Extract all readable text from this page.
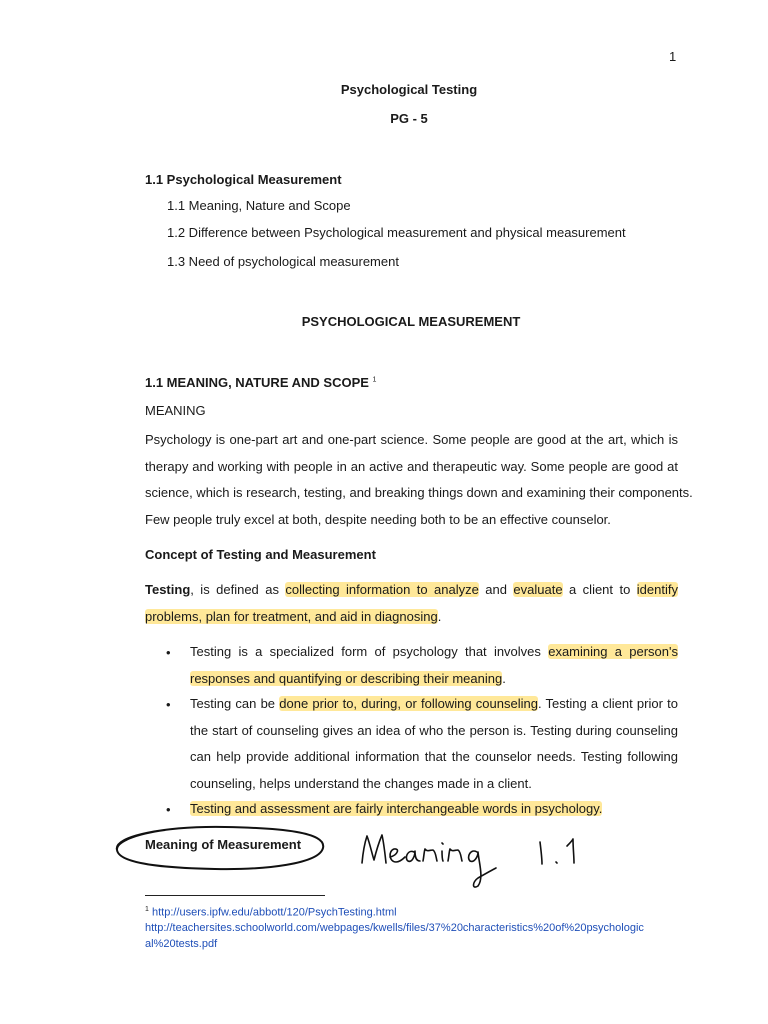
1
Psychological Testing
PG - 5
1.1 Psychological Measurement
1.1 Meaning, Nature and Scope
1.2 Difference between Psychological measurement and physical measurement
1.3 Need of psychological measurement
PSYCHOLOGICAL MEASUREMENT
1.1 MEANING, NATURE AND SCOPE $^1$
MEANING
Psychology is one-part art and one-part science. Some people are good at the art, which is
therapy and working with people in an active and therapeutic way. Some people are good at
science, which is research, testing, and breaking things down and examining their components.
Few people truly excel at both, despite needing both to be an effective counselor.
Concept of Testing and Measurement
Testing, is defined as collecting information to analyze and evaluate a client to identify
problems, plan for treatment, and aid in diagnosing.
• Testing is a specialized form of psychology that involves examining a person's
responses and quantifying or describing their meaning.
• Testing can be done prior to, during, or following counseling. Testing a client prior to
the start of counseling gives an idea of who the person is. Testing during counseling
can help provide additional information that the counselor needs. Testing following
counseling, helps understand the changes made in a client.
• Testing and assessment are fairly interchangeable words in psychology.
Meaning of Measurement
$^1$ http://users.ipfw.edu/abbott/120/PsychTesting.html
http://teachersites.schoolworld.com/webpages/kwells/files/37%20characteristics%20of%20psychologic
al%20tests.pdf
